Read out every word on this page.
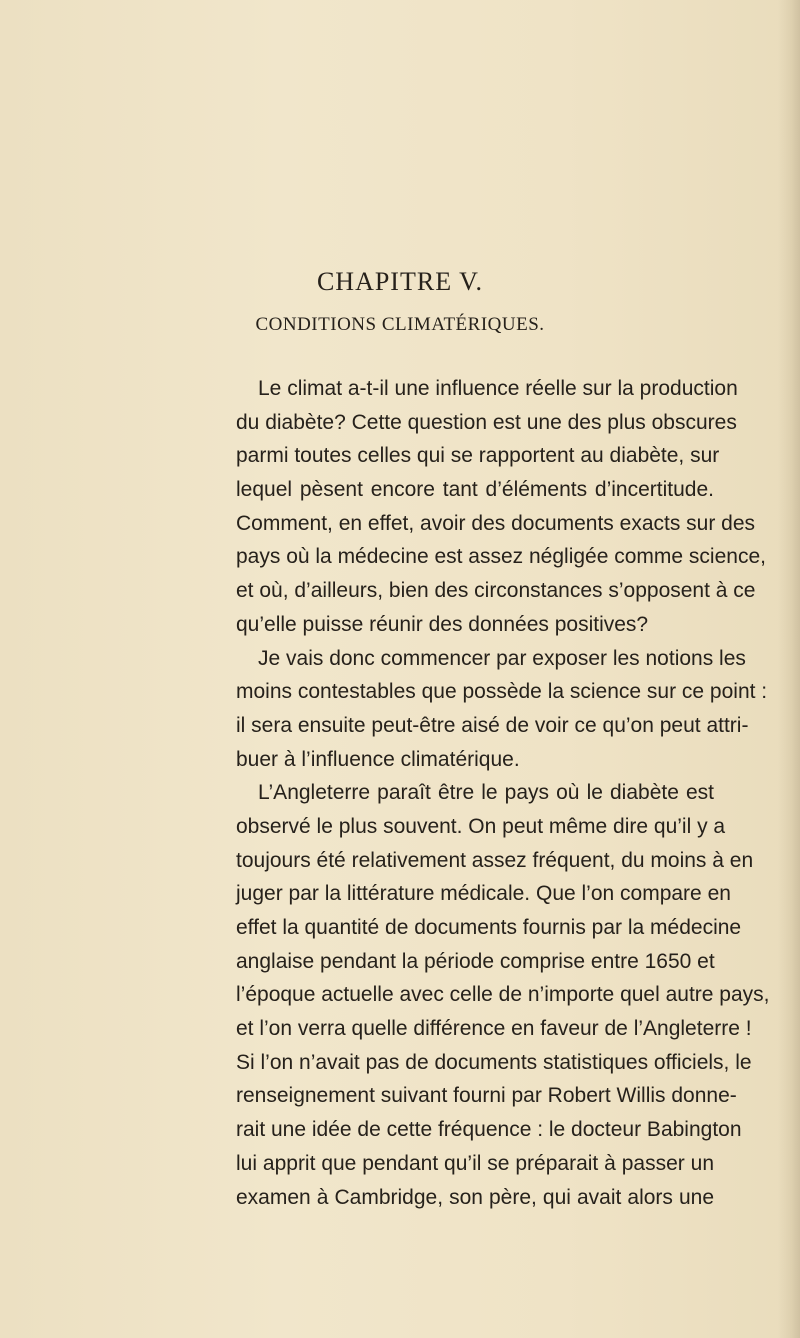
CHAPITRE V.
CONDITIONS CLIMATÉRIQUES.
Le climat a-t-il une influence réelle sur la production
du diabète? Cette question est une des plus obscures
parmi toutes celles qui se rapportent au diabète, sur
lequel pèsent encore tant d’éléments d’incertitude.
Comment, en effet, avoir des documents exacts sur des
pays où la médecine est assez négligée comme science,
et où, d’ailleurs, bien des circonstances s’opposent à ce
qu’elle puisse réunir des données positives?
Je vais donc commencer par exposer les notions les
moins contestables que possède la science sur ce point :
il sera ensuite peut-être aisé de voir ce qu’on peut attri-
buer à l’influence climatérique.
L’Angleterre paraît être le pays où le diabète est
observé le plus souvent. On peut même dire qu’il y a
toujours été relativement assez fréquent, du moins à en
juger par la littérature médicale. Que l’on compare en
effet la quantité de documents fournis par la médecine
anglaise pendant la période comprise entre 1650 et
l’époque actuelle avec celle de n’importe quel autre pays,
et l’on verra quelle différence en faveur de l’Angleterre !
Si l’on n’avait pas de documents statistiques officiels, le
renseignement suivant fourni par Robert Willis donne-
rait une idée de cette fréquence : le docteur Babington
lui apprit que pendant qu’il se préparait à passer un
examen à Cambridge, son père, qui avait alors une
